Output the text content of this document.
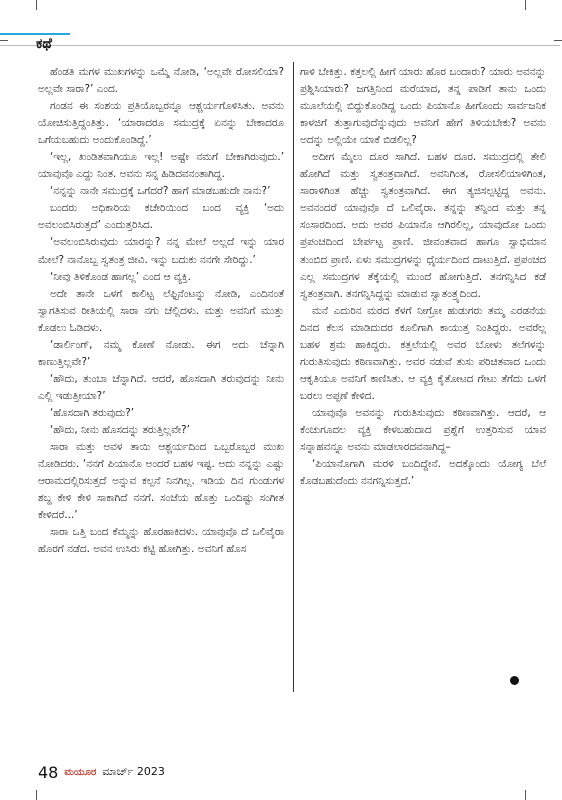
ಕಥೆ

ಹೆಂಡತಿ ಮಗಳ ಮುಖಗಳನ್ನು ಒಮ್ಮೆ ನೋಡಿ, ‘ಅಲ್ಲವೇ ರೋಸಲಿಯಾ? ಅಲ್ಲವೇ ಸಾರಾ?’ ಎಂದ.

ಗಂಡನ ಈ ಸಂಶಯ ಪ್ರತಿಯೊಬ್ಬರನ್ನೂ ಆಶ್ಚರ್ಯಗೊಳಿಸಿತು. ಅವನು ಯೋಚಿಸುತ್ತಿದ್ದಂತಿತ್ತು. ‘ಯಾರಾದರೂ ಸಮುದ್ರಕ್ಕೆ ಏನನ್ನು ಬೇಕಾದರೂ ಒಗೆಯಬಹುದು ಅಂದುಕೊಂಡಿದ್ದೆ.’

‘ಇಲ್ಲ, ಖಂಡಿತವಾಗಿಯೂ ಇಲ್ಲ! ಅಷ್ಟೇ ನಮಗೆ ಬೇಕಾಗಿರುವುದು.’ ಯಾವುವೊ ಎದ್ದು ನಿಂತ. ಅವನು ಸನ್ನ ಹಿಡಿದವನಂತಾಗಿದ್ದ.

‘ನನ್ನನ್ನು ನಾನೇ ಸಮುದ್ರಕ್ಕೆ ಒಗೆದರೆ? ಹಾಗೆ ಮಾಡಬಹುದೇ ನಾನು?’

ಬಂದರು ಅಧಿಕಾರಿಯ ಕಚೇರಿಯಿಂದ ಬಂದ ವ್ಯಕ್ತಿ ‘ಅದು ಅವಲಂಬಿಸಿರುತ್ತದೆ’ ಎಂದುತ್ತರಿಸಿದ.

‘ಅವಲಂಬಿಸಿರುವುದು ಯಾರನ್ನು? ನನ್ನ ಮೇಲೆ ಅಲ್ಲದೆ ಇನ್ನು ಯಾರ ಮೇಲೆ? ನಾನೊಬ್ಬ ಸ್ವತಂತ್ರ ಜೀವಿ. ಇನ್ನು ಬದುಕು ನನಗೇ ಸೇರಿದ್ದು.’

‘ನೀವು ತಿಳಿಕೊಂಡ ಹಾಗಲ್ಲ’ ಎಂದ ಆ ವ್ಯಕ್ತಿ.

ಅದೇ ತಾನೇ ಒಳಗೆ ಕಾಲಿಟ್ಟ ಲೆಫ್ಟಿನೆಂಟನ್ನು ನೋಡಿ, ಎಂದಿನಂತೆ ಸ್ವಾಗತಿಸುವ ರೀತಿಯಲ್ಲಿ ಸಾರಾ ನಗು ಚೆಲ್ಲಿದಳು. ಮತ್ತು ಅವನಿಗೆ ಮುತ್ತು ಕೊಡಲು ಓಡಿದಳು.

‘ಡಾರ್ಲಿಂಗ್, ನಮ್ಮ ಕೋಣೆ ನೋಡು. ಈಗ ಅದು ಚೆನ್ನಾಗಿ ಕಾಣುತ್ತಿಲ್ಲವೇ?’

‘ಹೌದು, ತುಂಬಾ ಚೆನ್ನಾಗಿದೆ. ಆದರೆ, ಹೊಸದಾಗಿ ತರುವುದನ್ನು ನೀನು ಎಲ್ಲಿ ಇಡುತ್ತೀಯಾ?’

‘ಹೊಸದಾಗಿ ತರುವುದು?’

‘ಹೌದು, ನೀನು ಹೊಸದನ್ನು ತರುತ್ತಿಲ್ಲವೇ?’

ಸಾರಾ ಮತ್ತು ಅವಳ ತಾಯಿ ಆಶ್ಚರ್ಯದಿಂದ ಒಬ್ಬರೊಬ್ಬರ ಮುಖ ನೋಡಿದರು. ‘ನನಗೆ ಪಿಯಾನೊ ಅಂದರೆ ಬಹಳ ಇಷ್ಟ. ಅದು ನನ್ನನ್ನು ಎಷ್ಟು ಆರಾಮದಲ್ಲಿರಿಸುತ್ತದೆ ಅನ್ನುವ ಕಲ್ಪನೆ ನಿನಗಿಲ್ಲ. ಇಡಿಯ ದಿನ ಗುಂಡುಗಳ ಶಬ್ದ ಕೇಳಿ ಕೇಳಿ ಸಾಕಾಗಿದೆ ನನಗೆ. ಸಂಜೆಯ ಹೊತ್ತು ಒಂದಿಷ್ಟು ಸಂಗೀತ ಕೇಳಿದರೆ...’

ಸಾರಾ ಒತ್ತಿ ಬಂದ ಕೆಮ್ಮನ್ನು ಹೊರಹಾಕಿದಳು. ಯಾವುವೊ ದೆ ಒಲಿವೈರಾ ಹೊರಗೆ ನಡೆದ. ಅವನ ಉಸಿರು ಕಟ್ಟಿ ಹೋಗಿತ್ತು. ಅವನಿಗೆ ಹೊಸ

ಗಾಳಿ ಬೇಕಿತ್ತು. ಕತ್ತಲಲ್ಲಿ ಹೀಗೆ ಯಾರು ಹೊರ ಬಂದಾರು? ಯಾರು ಅವನನ್ನು ಪ್ರಶ್ನಿಸಿಯಾರು? ಜಗತ್ತಿನಿಂದ ಮರೆಯಾದ, ತನ್ನ ಪಾಡಿಗೆ ತಾನು ಒಂದು ಮೂಲೆಯಲ್ಲಿ ಬಿದ್ದುಕೊಂಡಿದ್ದ ಒಂದು ಪಿಯಾನೊ ಹೀಗೊಂದು ಸಾರ್ವಜನಿಕ ಕಾಳಜಿಗೆ ತುತ್ತಾಗುವುದೆನ್ನುವುದು ಅವನಿಗೆ ಹೇಗೆ ತಿಳಿಯಬೇಕು? ಅವನು ಅದನ್ನು ಅಲ್ಲಿಯೇ ಯಾಕೆ ಬಿಡಲಿಲ್ಲ?

ಅದೀಗ ಮೈಲು ದೂರ ಸಾಗಿದೆ. ಬಹಳ ದೂರ. ಸಮುದ್ರದಲ್ಲಿ ತೇಲಿ ಹೋಗಿದೆ ಮತ್ತು ಸ್ವತಂತ್ರವಾಗಿದೆ. ಅವನಿಗಿಂತ, ರೋಸಲಿಯಾಳಿಗಿಂತ, ಸಾರಾಳಿಗಿಂತ ಹೆಚ್ಚು ಸ್ವತಂತ್ರವಾಗಿದೆ. ಈಗ ತ್ಯಜಿಸಲ್ಪಟ್ಟಿದ್ದ ಅವನು. ಅವನಂದರೆ ಯಾವುವೊ ದೆ ಒಲಿವೈರಾ. ತನ್ನನ್ನು ತನ್ನಿಂದ ಮತ್ತು ತನ್ನ ಸಂಸಾರದಿಂದ. ಅದು ಅವರ ಪಿಯಾನೊ ಆಗಿರಲಿಲ್ಲ, ಯಾವುದೋ ಒಂದು ಪ್ರಪಂಚದಿಂದ ಬೇರ್ಪಟ್ಟ ಪ್ರಾಣಿ. ಜೀವಂತವಾದ ಹಾಗೂ ಸ್ವಾಭಿಮಾನ ತುಂಬಿದ ಪ್ರಾಣಿ. ಏಳು ಸಮುದ್ರಗಳನ್ನು ಧೈರ್ಯದಿಂದ ದಾಟುತ್ತಿದೆ. ಪ್ರಪಂಚದ ಎಲ್ಲ ಸಮುದ್ರಗಳ ತೆಕ್ಕೆಯಲ್ಲಿ ಮುಂದೆ ಹೋಗುತ್ತಿದೆ. ತನಗನ್ನಿಸಿದ ಕಡೆ ಸ್ವತಂತ್ರವಾಗಿ. ತನಗನ್ನಿಸಿದ್ದನ್ನು ಮಾಡುವ ಸ್ವಾತಂತ್ರ್ಯದಿಂದ.

ಮನೆ ಎದುರಿನ ಮರದ ಕೆಳಗೆ ನೀಗ್ರೋ ಹುಡುಗರು ತಮ್ಮ ಎರಡನೆಯ ದಿನದ ಕೆಲಸ ಮಾಡಿದುದರ ಕೂಲಿಗಾಗಿ ಕಾಯುತ್ತ ನಿಂತಿದ್ದರು. ಅವರೆಲ್ಲ ಬಹಳ ಶ್ರಮ ಹಾಕಿದ್ದರು. ಕತ್ತಲೆಯಲ್ಲಿ ಅವರ ಬೋಳು ತಲೆಗಳನ್ನು ಗುರುತಿಸುವುದು ಕಠಿಣವಾಗಿತ್ತು. ಅವರ ನಡುವೆ ತುಸು ಪರಿಚಿತವಾದ ಒಂದು ಆಕೃತಿಯೂ ಅವನಿಗೆ ಕಾಣಿಸಿತು. ಆ ವ್ಯಕ್ತಿ ಕೈತೋಟದ ಗೇಟು ತೆಗೆದು ಒಳಗೆ ಬರಲು ಅಪ್ಪಣೆ ಕೇಳಿದ.

ಯಾವುವೊ ಅವನನ್ನು ಗುರುತಿಸುವುದು ಕಠಿಣವಾಗಿತ್ತು. ಆದರೆ, ಆ ಕೆಂಚುಗೂದಲ ವ್ಯಕ್ತಿ ಕೇಳಬಹುದಾದ ಪ್ರಶ್ನೆಗೆ ಉತ್ತರಿಸುವ ಯಾವ ಸನ್ನಾಹವನ್ನೂ ಅವನು ಮಾಡಲಾರದವನಾಗಿದ್ದ–

‘ಪಿಯಾನೊಗಾಗಿ ಮರಳಿ ಬಂದಿದ್ದೇನೆ. ಅದಕ್ಕೊಂದು ಯೋಗ್ಯ ಬೆಲೆ ಕೊಡಬಹುದೆಂದು ನನಗನ್ನಿಸುತ್ತದೆ.’

48 ಮಯೂರ ಮಾರ್ಚ್ 2023
